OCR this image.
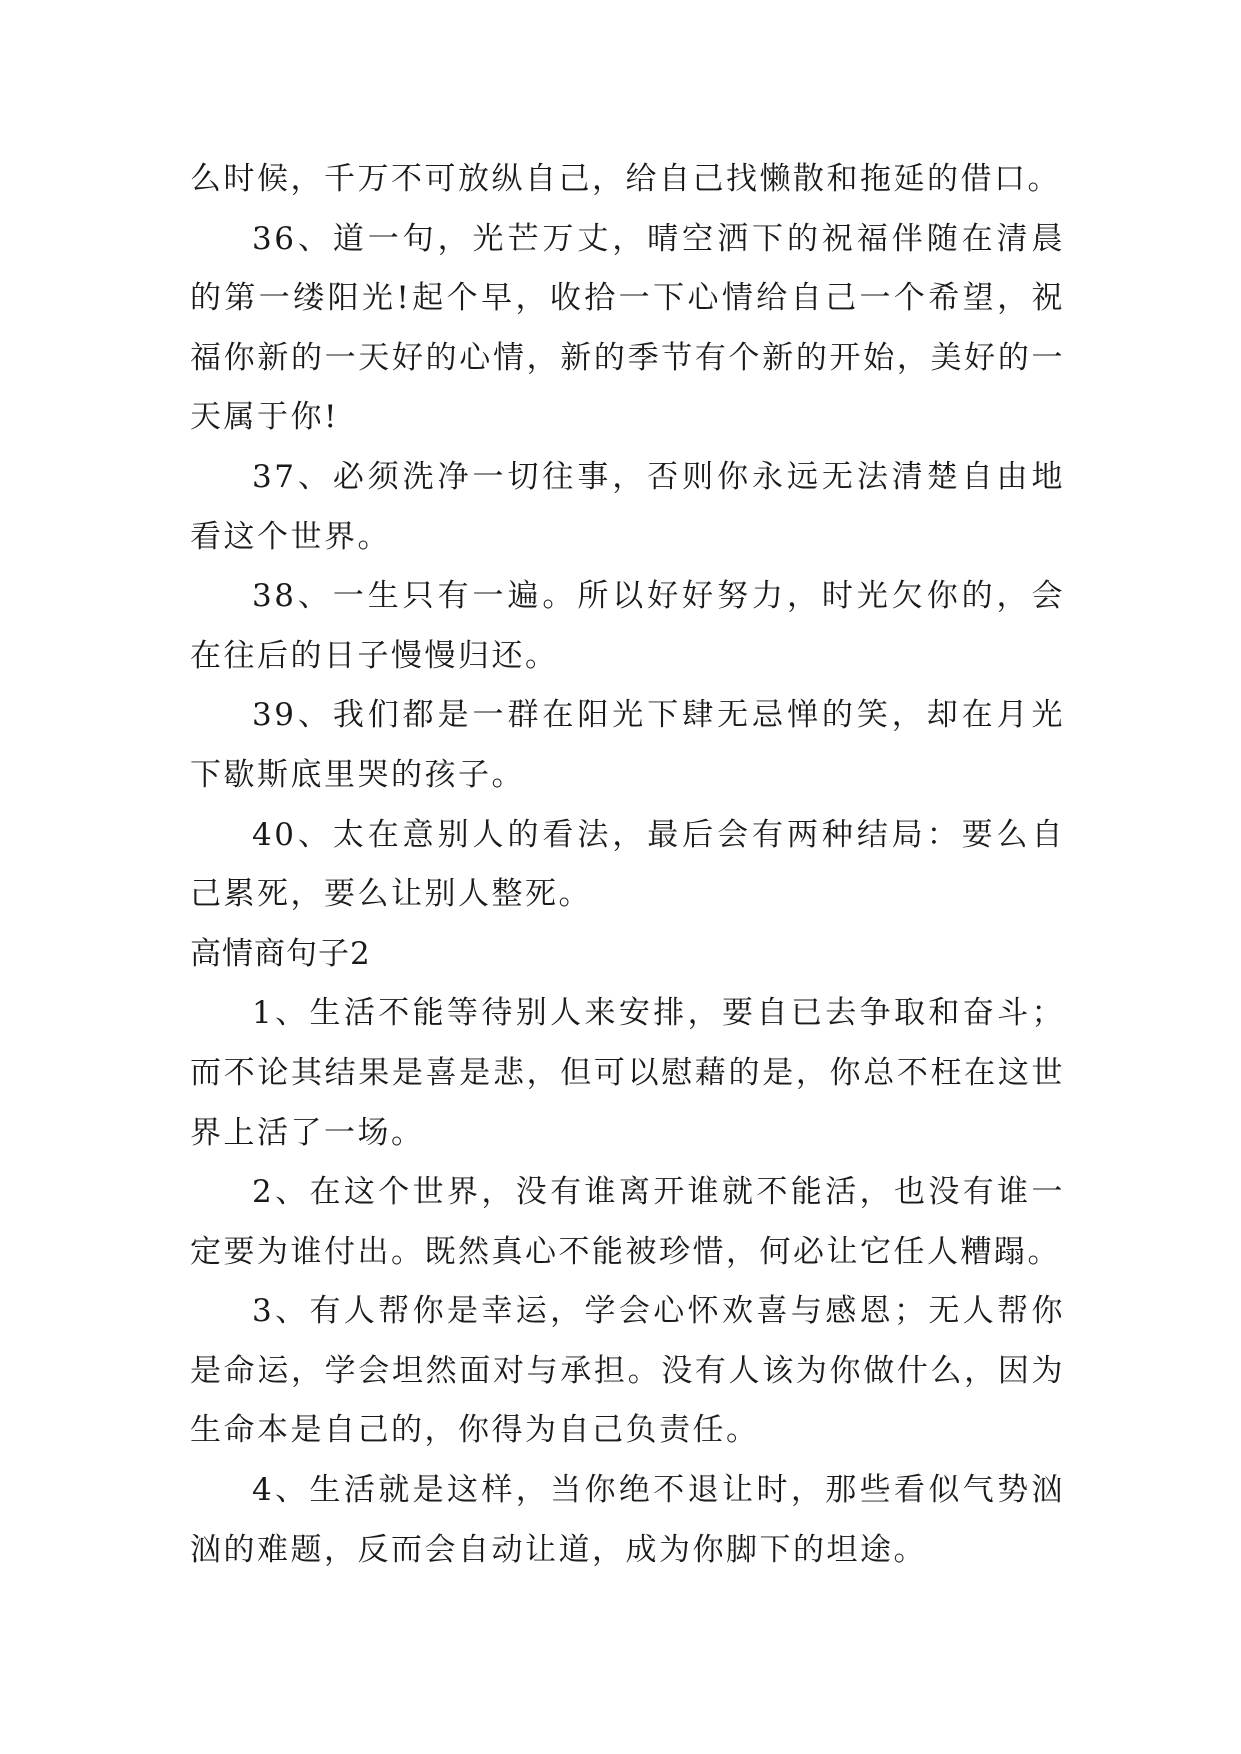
么时候，千万不可放纵自己，给自己找懒散和拖延的借口。

36、道一句，光芒万丈，晴空洒下的祝福伴随在清晨的第一缕阳光!起个早，收拾一下心情给自己一个希望，祝福你新的一天好的心情，新的季节有个新的开始，美好的一天属于你!

37、必须洗净一切往事，否则你永远无法清楚自由地看这个世界。

38、一生只有一遍。所以好好努力，时光欠你的，会在往后的日子慢慢归还。

39、我们都是一群在阳光下肆无忌惮的笑，却在月光下歇斯底里哭的孩子。

40、太在意别人的看法，最后会有两种结局：要么自己累死，要么让别人整死。

高情商句子2

1、生活不能等待别人来安排，要自已去争取和奋斗；而不论其结果是喜是悲，但可以慰藉的是，你总不枉在这世界上活了一场。

2、在这个世界，没有谁离开谁就不能活，也没有谁一定要为谁付出。既然真心不能被珍惜，何必让它任人糟蹋。

3、有人帮你是幸运，学会心怀欢喜与感恩；无人帮你是命运，学会坦然面对与承担。没有人该为你做什么，因为生命本是自己的，你得为自己负责任。

4、生活就是这样，当你绝不退让时，那些看似气势汹汹的难题，反而会自动让道，成为你脚下的坦途。
